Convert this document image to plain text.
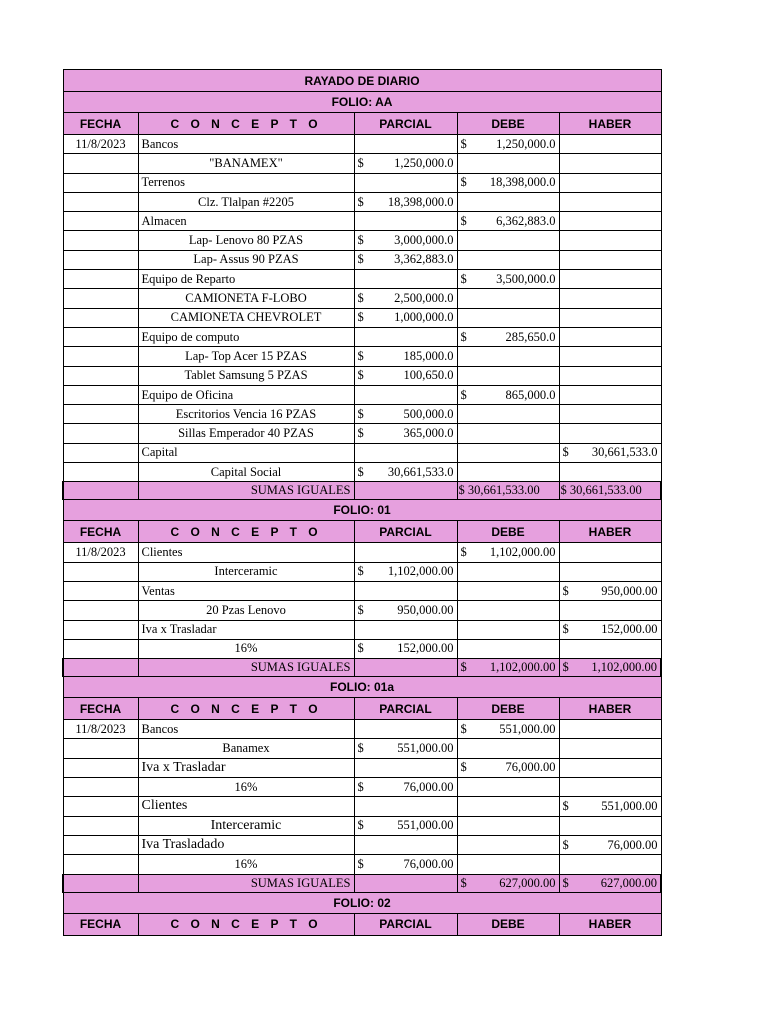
RAYADO DE DIARIO				
FOLIO: AA				
FECHA	C O N C E P T O	PARCIAL	DEBE	HABER
11/8/2023	Bancos		$ 1,250,000.0	

	"BANAMEX"	$ 1,250,000.0		

	Terrenos		$ 18,398,000.0	

	Clz. Tlalpan #2205	$ 18,398,000.0		

	Almacen		$ 6,362,883.0	

	Lap- Lenovo 80 PZAS	$ 3,000,000.0		

	Lap- Assus 90 PZAS	$ 3,362,883.0		

	Equipo de Reparto		$ 3,500,000.0	

	CAMIONETA F-LOBO	$ 2,500,000.0		

	CAMIONETA CHEVROLET	$ 1,000,000.0		

	Equipo de computo		$ 285,650.0	

	Lap- Top Acer 15 PZAS	$ 185,000.0		

	Tablet Samsung 5 PZAS	$ 100,650.0		

	Equipo de Oficina		$ 865,000.0	

	Escritorios Vencia 16 PZAS	$ 500,000.0		

	Sillas Emperador 40 PZAS	$ 365,000.0		

	Capital			$ 30,661,533.0

	Capital Social	$ 30,661,533.0		

	SUMAS IGUALES		$ 30,661,533.00	$ 30,661,533.00
FOLIO: 01				
FECHA	C O N C E P T O	PARCIAL	DEBE	HABER
11/8/2023	Clientes		$ 1,102,000.00	

	Interceramic	$ 1,102,000.00		

	Ventas			$ 950,000.00

	20 Pzas Lenovo	$ 950,000.00		

	Iva x Trasladar			$ 152,000.00

	16%	$ 152,000.00		

	SUMAS IGUALES		$ 1,102,000.00	$ 1,102,000.00

FOLIO: 01a				
FECHA	C O N C E P T O	PARCIAL	DEBE	HABER
11/8/2023	Bancos		$ 551,000.00	

	Banamex	$ 551,000.00		

	Iva x Trasladar		$ 76,000.00	

	16%	$ 76,000.00		

	Clientes			$ 551,000.00

	Interceramic	$ 551,000.00		

	Iva Trasladado			$ 76,000.00

	16%	$ 76,000.00		

	SUMAS IGUALES		$ 627,000.00	$ 627,000.00

FOLIO: 02				
FECHA	C O N C E P T O	PARCIAL	DEBE	HABER
